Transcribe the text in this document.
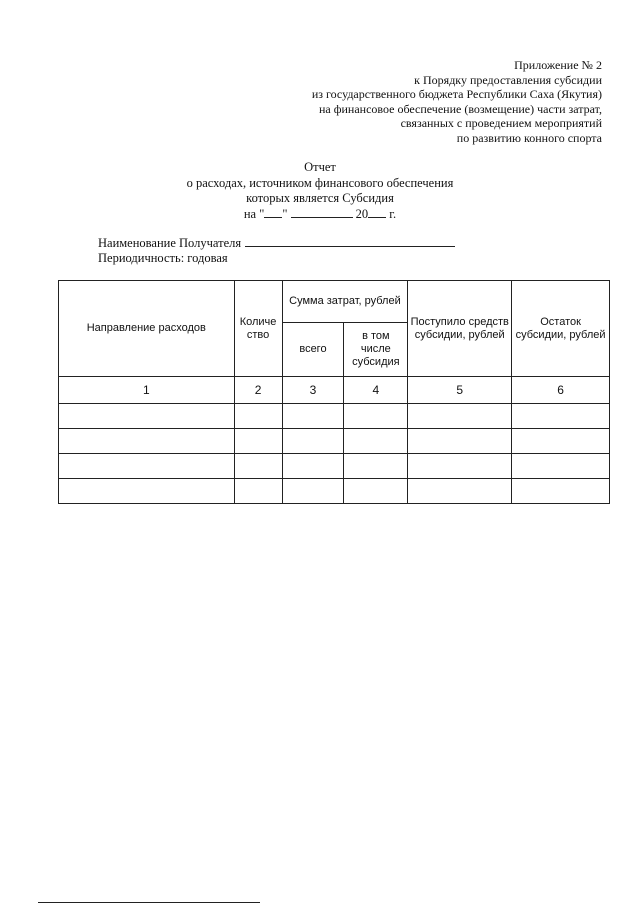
Приложение № 2
к Порядку предоставления субсидии
из государственного бюджета Республики Саха (Якутия)
на финансовое обеспечение (возмещение) части затрат,
связанных с проведением мероприятий
по развитию конного спорта
Отчет
о расходах, источником финансового обеспечения
которых является Субсидия
на " "	20 г.
Наименование Получателя
Периодичность: годовая
Направление расходов	Количе ство	Сумма затрат, рублей		Поступило средств субсидии, рублей	Остаток субсидии, рублей
		всего	в том числе субсидия		
1	2	3	4	5	6
